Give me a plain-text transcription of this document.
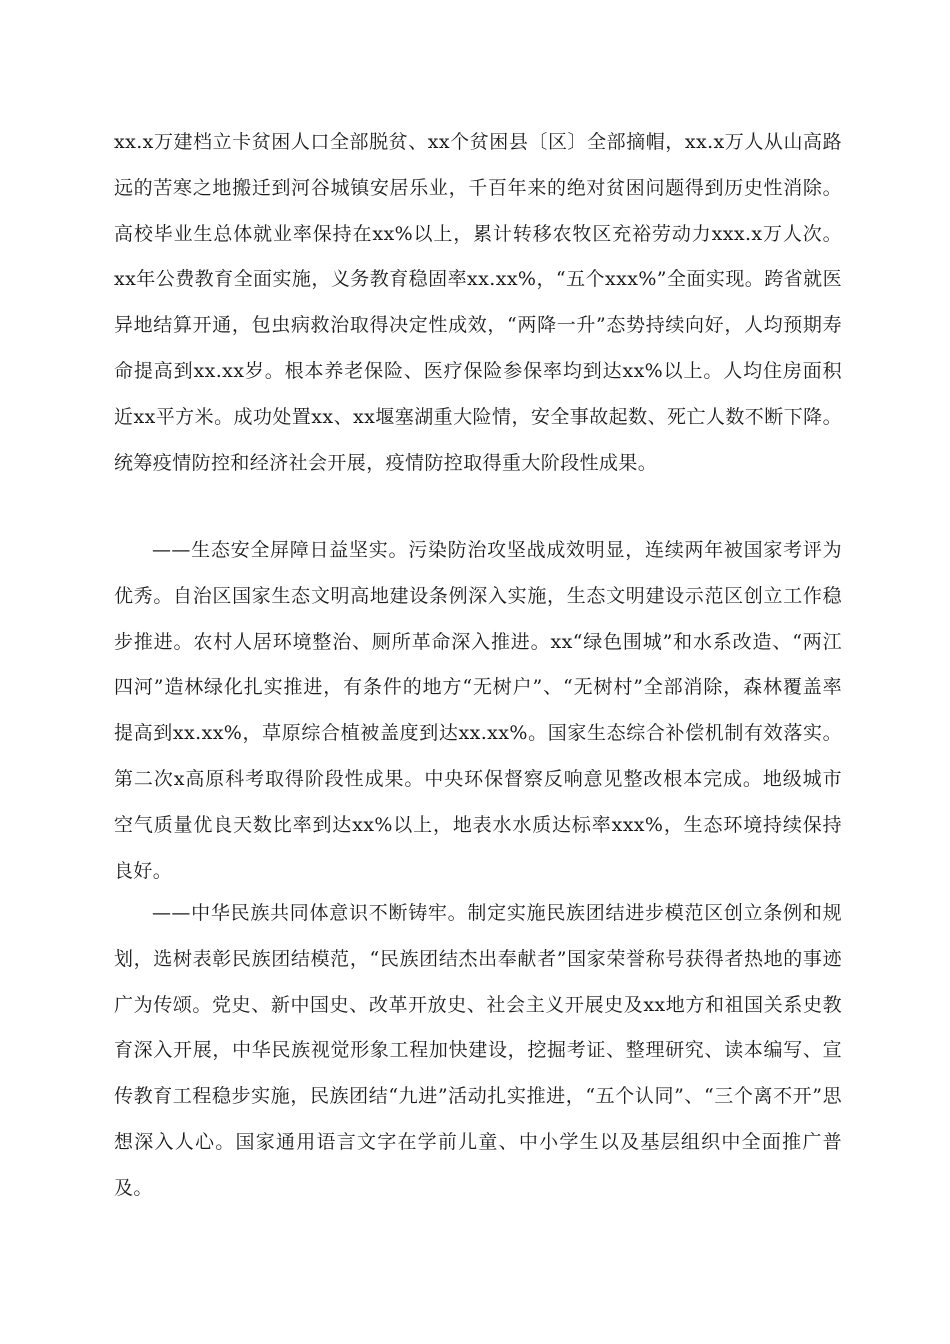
xx.x万建档立卡贫困人口全部脱贫、xx个贫困县〔区〕全部摘帽，xx.x万人从山高路远的苦寒之地搬迁到河谷城镇安居乐业，千百年来的绝对贫困问题得到历史性消除。高校毕业生总体就业率保持在xx%以上，累计转移农牧区充裕劳动力xxx.x万人次。xx年公费教育全面实施，义务教育稳固率xx.xx%，“五个xxx%”全面实现。跨省就医异地结算开通，包虫病救治取得决定性成效，“两降一升”态势持续向好，人均预期寿命提高到xx.xx岁。根本养老保险、医疗保险参保率均到达xx%以上。人均住房面积近xx平方米。成功处置xx、xx堰塞湖重大险情，安全事故起数、死亡人数不断下降。统筹疫情防控和经济社会开展，疫情防控取得重大阶段性成果。

——生态安全屏障日益坚实。污染防治攻坚战成效明显，连续两年被国家考评为优秀。自治区国家生态文明高地建设条例深入实施，生态文明建设示范区创立工作稳步推进。农村人居环境整治、厕所革命深入推进。xx“绿色围城”和水系改造、“两江四河”造林绿化扎实推进，有条件的地方“无树户”、“无树村”全部消除，森林覆盖率提高到xx.xx%，草原综合植被盖度到达xx.xx%。国家生态综合补偿机制有效落实。第二次x高原科考取得阶段性成果。中央环保督察反响意见整改根本完成。地级城市空气质量优良天数比率到达xx%以上，地表水水质达标率xxx%，生态环境持续保持良好。

——中华民族共同体意识不断铸牢。制定实施民族团结进步模范区创立条例和规划，选树表彰民族团结模范，“民族团结杰出奉献者”国家荣誉称号获得者热地的事迹广为传颂。党史、新中国史、改革开放史、社会主义开展史及xx地方和祖国关系史教育深入开展，中华民族视觉形象工程加快建设，挖掘考证、整理研究、读本编写、宣传教育工程稳步实施，民族团结“九进”活动扎实推进，“五个认同”、“三个离不开”思想深入人心。国家通用语言文字在学前儿童、中小学生以及基层组织中全面推广普及。
